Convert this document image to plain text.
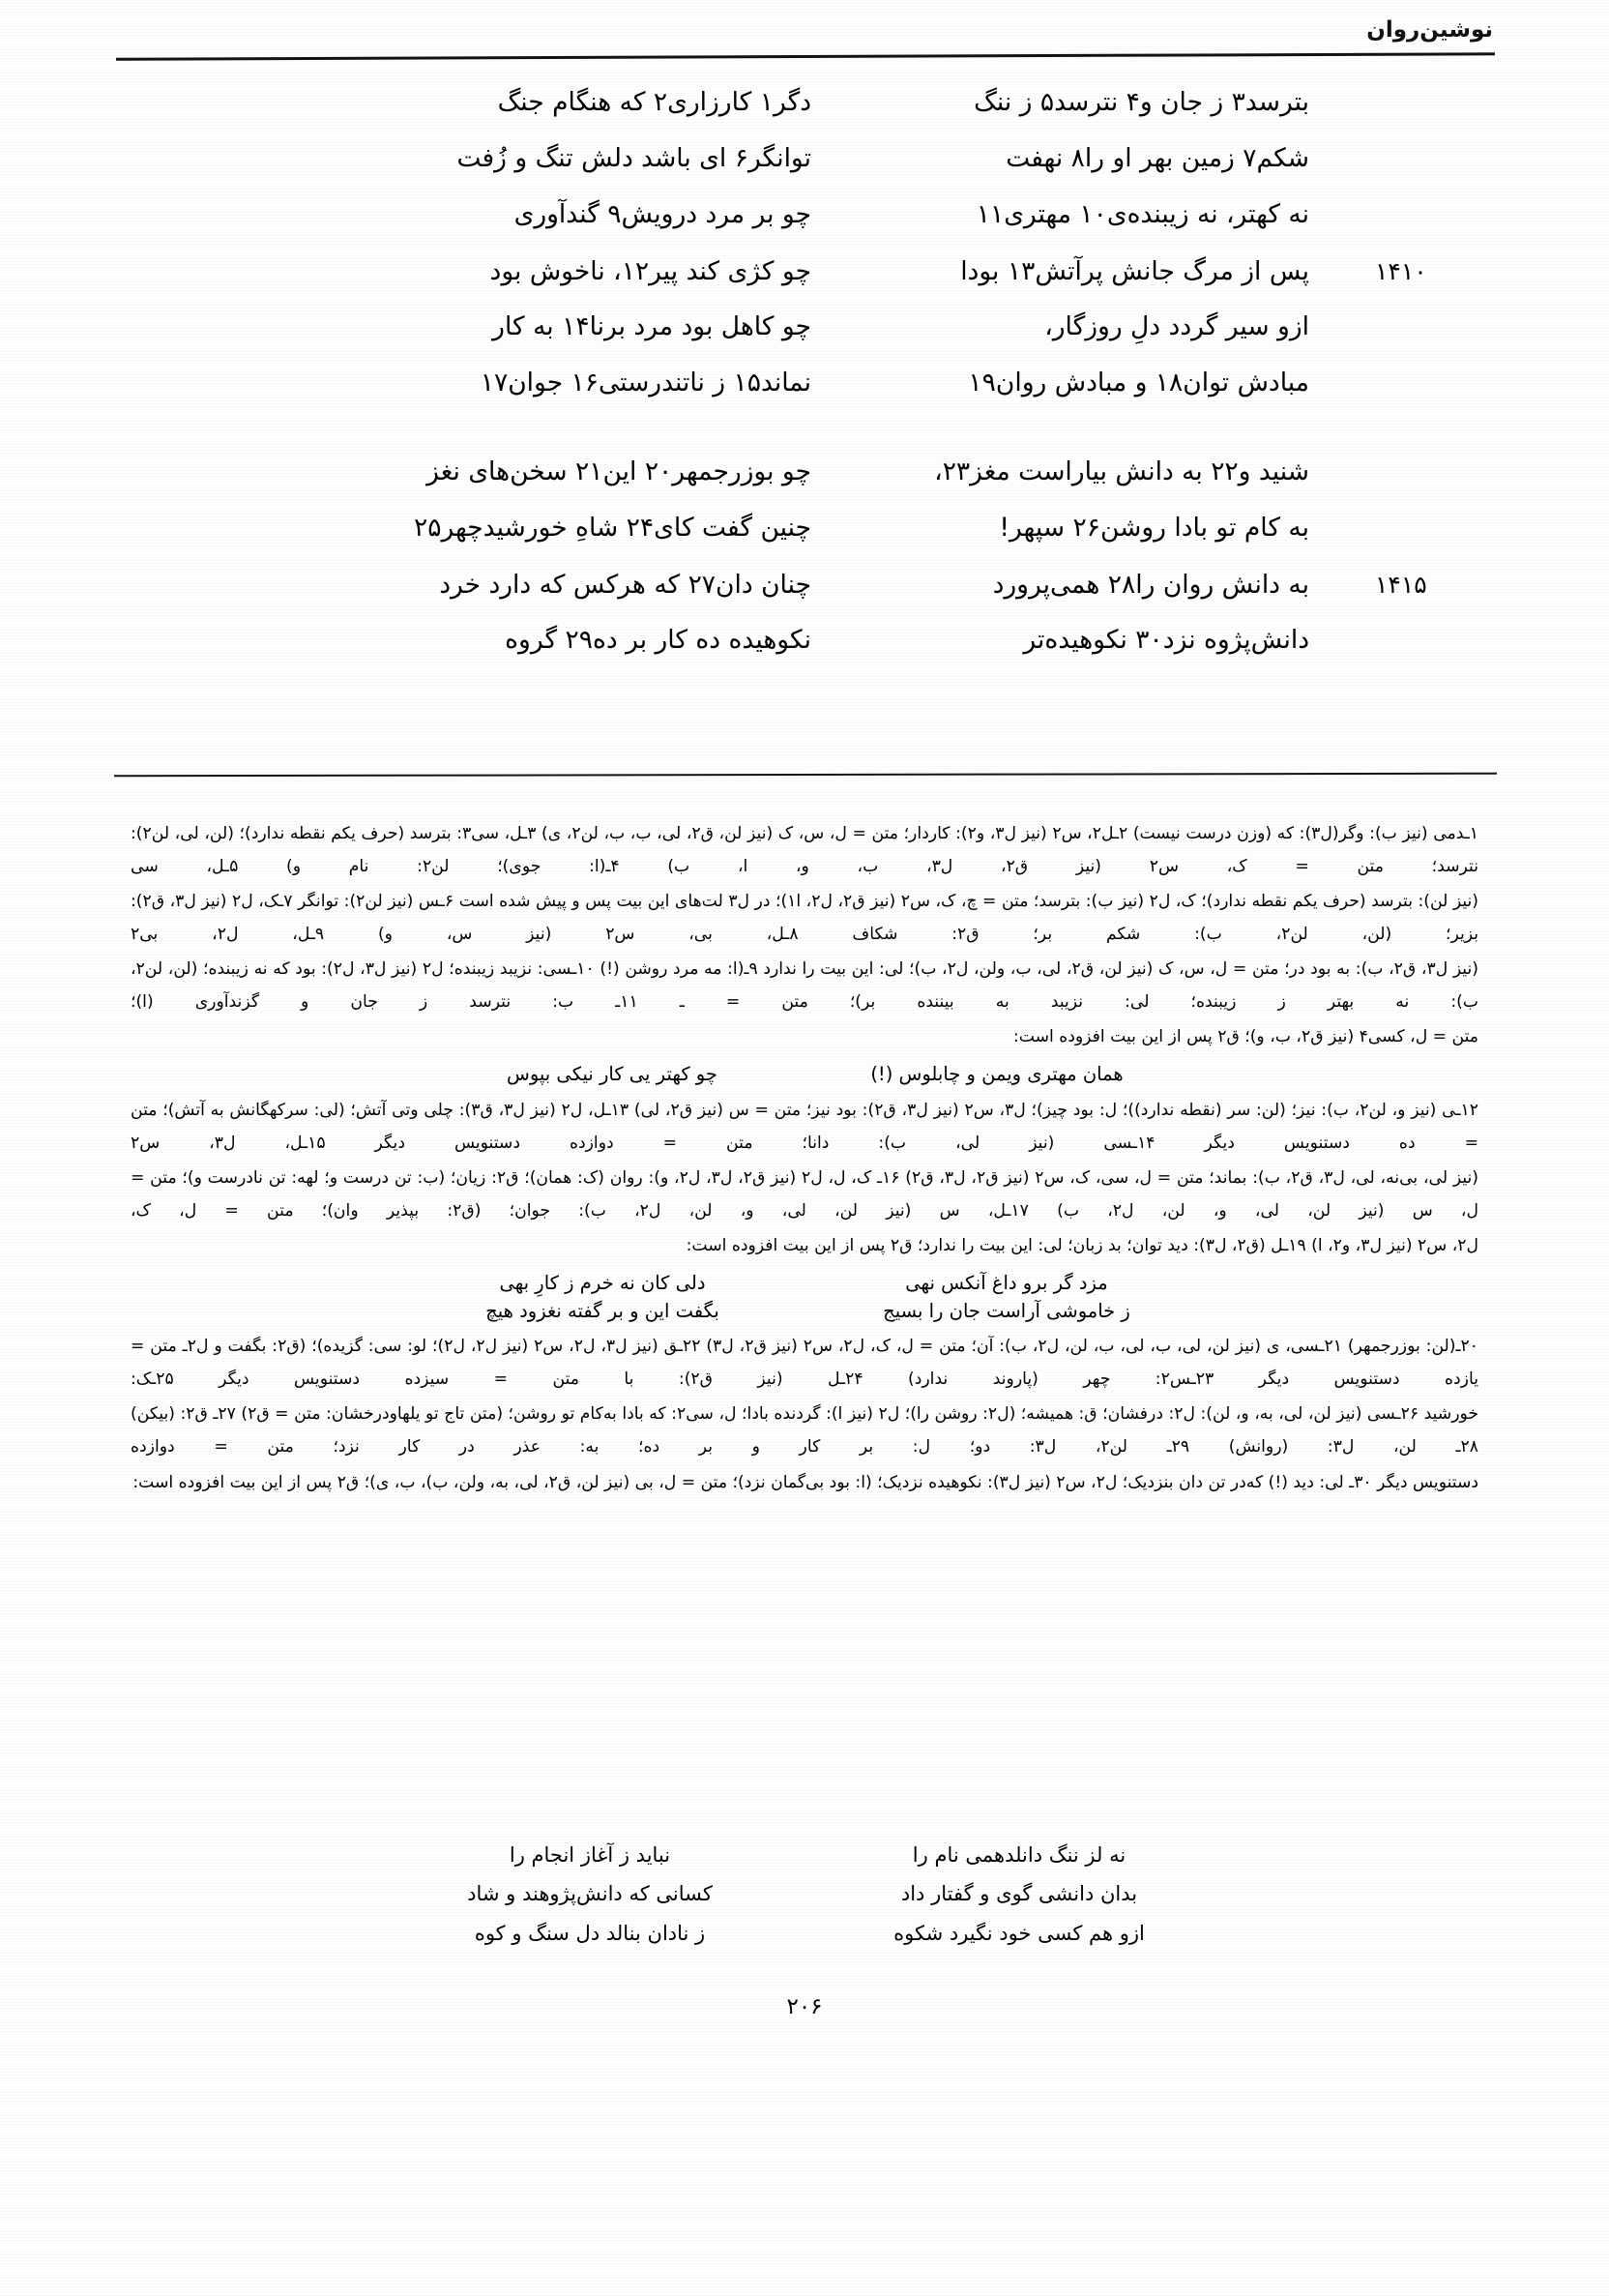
نوشین‌روان
بترسد۳ ز جان و۴ نترسد۵ ز ننگ
دگر۱ کارزاری۲ که هنگام جنگ
شکم۷ زمین بهر او را۸ نهفت
توانگر۶ ای باشد دلش تنگ و زُفت
نه کهتر، نه زیبنده‌ی۱۰ مهتری۱۱
چو بر مرد درویش۹ گندآوری
۱۴۱۰
پس از مرگ جانش پرآتش۱۳ بودا
چو کژی کند پیر۱۲، ناخوش بود
ازو سیر گردد دلِ روزگار،
چو کاهل بود مرد برنا۱۴ به کار
مبادش توان۱۸ و مبادش روان۱۹
نماند۱۵ ز ناتندرستی۱۶ جوان۱۷
شنید و۲۲ به دانش بیاراست مغز۲۳،
چو بوزرجمهر۲۰ این۲۱ سخن‌های نغز
به کام تو بادا روشن۲۶ سپهر!
چنین گفت کای۲۴ شاهِ خورشیدچهر۲۵
۱۴۱۵
به دانش روان را۲۸ همی‌پرورد
چنان دان۲۷ که هرکس که دارد خرد
دانش‌پژوه نزد۳۰ نکوهیده‌تر
نکوهیده ده کار بر ده۲۹ گروه
۱ـدمی (نیز ب): وگر(ل۳): که (وزن درست نیست) ۲ـل۲، س۲ (نیز ل۳، و۲): کاردار؛ متن = ل، س، ک (نیز لن، ق۲، لی، ب، ب، لن۲، ی) ۳ـل، سی۳: بترسد (حرف یکم نقطه ندارد)؛ (لن، لی، لن۲): نترسد؛ متن = ک، س۲ (نیز ق۲، ل۳، ب، و، ا، ب) ۴ـ(ا: جوی)؛ لن۲: نام و) ۵ـل، سی
(نیز لن): بترسد (حرف یکم نقطه ندارد)؛ ک، ل۲ (نیز ب): بترسد؛ متن = چ، ک، س۲ (نیز ق۲، ل۲، ا۱)؛ در ل۳ لت‌های این بیت پس و پیش شده است ۶ـس (نیز لن۲): توانگر ۷ـک، ل۲ (نیز ل۳، ق۲): بزیر؛ (لن، لن۲، ب): شکم بر؛ ق۲: شکاف ۸ـل، بی، س۲ (نیز س، و) ۹ـل، ل۲، بی۲
(نیز ل۳، ق۲، ب): به بود در؛ متن = ل، س، ک (نیز لن، ق۲، لی، ب، ولن، ل۲، ب)؛ لی: این بیت را ندارد ۹ـ(ا: مه مرد روشن (!) ۱۰ـسی: نزیبد زیبنده؛ ل۲ (نیز ل۳، ل۲): بود که نه زیبنده؛ (لن، لن۲، ب): نه بهتر ز زیبنده؛ لی: نزیبد به بیننده بر)؛ متن = ـ ۱۱ـ ب: نترسد ز جان و گزندآوری (ا)؛
متن = ل، کسی۴ (نیز ق۲، ب، و)؛ ق۲ پس از این بیت افزوده است:
همان مهتری ویمن و چابلوس (!)
چو کهتر یی کار نیکی بپوس
۱۲ـی (نیز و، لن۲، ب): نیز؛ (لن: سر (نقطه ندارد))؛ ل: بود چیز)؛ ل۳، س۲ (نیز ل۳، ق۲): بود نیز؛ متن = س (نیز ق۲، لی) ۱۳ـل، ل۲ (نیز ل۳، ق۳): چلی وتی آتش؛ (لی: سرکهگانش به آتش)؛ متن = ده دستنویس دیگر ۱۴ـسی (نیز لی، ب): دانا؛ متن = دوازده دستنویس دیگر ۱۵ـل، ل۳، س۲
(نیز لی، بی‌نه، لی، ل۳، ق۲، ب): بماند؛ متن = ل، سی، ک، س۲ (نیز ق۲، ل۳، ق۲) ۱۶ـ ک، ل، ل۲ (نیز ق۲، ل۳، ل۲، و): روان (ک: همان)؛ ق۲: زیان؛ (ب: تن درست و؛ لهه: تن نادرست و)؛ متن = ل، س (نیز لن، لی، و، لن، ل۲، ب) ۱۷ـل، س (نیز لن، لی، و، لن، ل۲، ب): جوان؛ (ق۲: بپذیر وان)؛ متن = ل، ک،
ل۲، س۲ (نیز ل۳، و۲، ا) ۱۹ـل (ق۲، ل۳): دید توان؛ بد زبان؛ لی: این بیت را ندارد؛ ق۲ پس از این بیت افزوده است:
مزد گر برو داغ آنکس نهی
دلی کان نه خرم ز کارِ بهی
ز خاموشی آراست جان را بسیج
بگفت این و بر گفته نغزود هیچ
۲۰ـ(لن: بوزرجمهر) ۲۱ـسی، ی (نیز لن، لی، ب، لی، ب، لن، ل۲، ب): آن؛ متن = ل، ک، ل۲، س۲ (نیز ق۲، ل۳) ۲۲ـق (نیز ل۳، ل۲، س۲ (نیز ل۲، ل۲)؛ لو: سی: گزیده)؛ (ق۲: بگفت و ل۲ـ متن = یازده دستنویس دیگر ۲۳ـس۲: چهر (پاروند ندارد) ۲۴ـل (نیز ق۲): با متن = سیزده دستنویس دیگر ۲۵ـک:
خورشید ۲۶ـسی (نیز لن، لی، به، و، لن): ل۲: درفشان؛ ق: همیشه؛ (ل۲: روشن را)؛ ل۲ (نیز ا): گردنده بادا؛ ل، سی۲: که بادا به‌کام تو روشن؛ (متن تاج تو یلهاو‌درخشان: متن = ق۲) ۲۷ـ ق۲: (بیکن) ۲۸ـ لن، ل۳: (روانش) ۲۹ـ لن۲، ل۳: دو؛ ل: بر کار و بر ده؛ به: عذر در کار نزد؛ متن = دوازده
دستنویس دیگر ۳۰ـ لی: دید (!) که‌در تن دان بنزدیک؛ ل۲، س۲ (نیز ل۳): نکوهیده نزدیک؛ (ا: بود بی‌گمان نزد)؛ متن = ل، بی (نیز لن، ق۲، لی، به، ولن، ب)، ب، ی)؛ ق۲ پس از این بیت افزوده است:
نه لز ننگ دانلدهمی نام را
نباید ز آغاز انجام را
بدان دانشی گوی و گفتار داد
کسانی که دانش‌پژوهند و شاد
ازو هم کسی خود نگیرد شکوه
ز نادان بنالد دل سنگ و کوه
۲۰۶
